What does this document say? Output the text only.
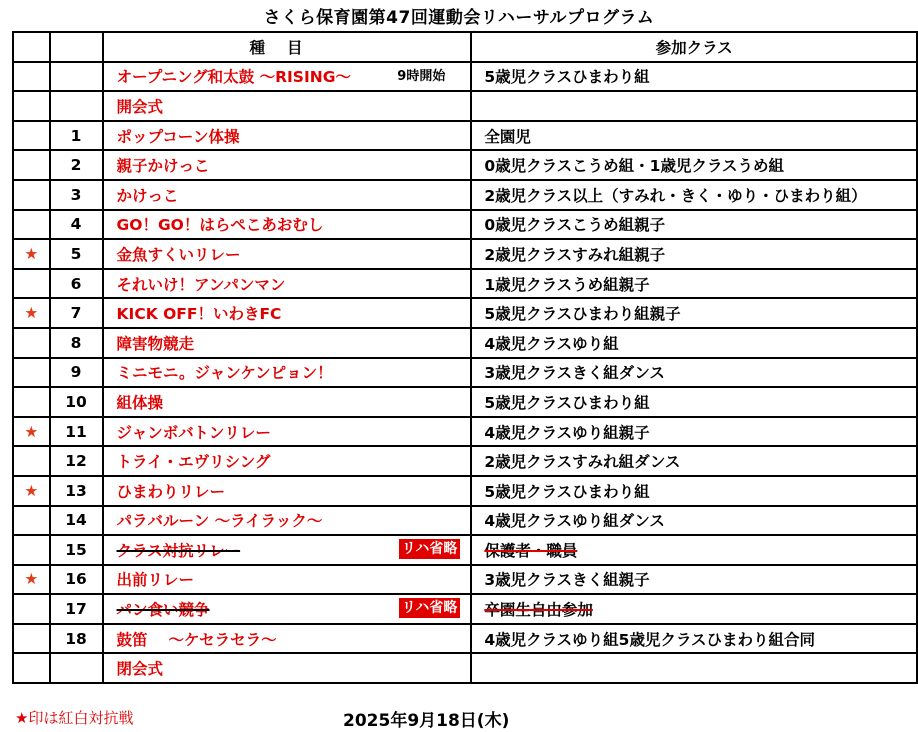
さくら保育園第47回運動会リハーサルプログラム
		種目	参加クラス
		オープニング和太鼓 ～RISING～ 9時開始	5歳児クラスひまわり組
		開会式	
	1	ポップコーン体操	全園児
	2	親子かけっこ	0歳児クラスこうめ組・1歳児クラスうめ組
	3	かけっこ	2歳児クラス以上（すみれ・きく・ゆり・ひまわり組）
	4	GO！GO！はらぺこあおむし	0歳児クラスこうめ組親子
★	5	金魚すくいリレー	2歳児クラスすみれ組親子
	6	それいけ！アンパンマン	1歳児クラスうめ組親子
★	7	KICK OFF！いわきFC	5歳児クラスひまわり組親子
	8	障害物競走	4歳児クラスゆり組
	9	ミニモニ。ジャンケンピョン！	3歳児クラスきく組ダンス
	10	組体操	5歳児クラスひまわり組
★	11	ジャンボバトンリレー	4歳児クラスゆり組親子
	12	トライ・エヴリシング	2歳児クラスすみれ組ダンス
★	13	ひまわりリレー	5歳児クラスひまわり組
	14	パラバルーン ～ライラック～	4歳児クラスゆり組ダンス
	15	クラス対抗リレー リハ省略	保護者・職員
★	16	出前リレー	3歳児クラスきく組親子
	17	パン食い競争 リハ省略	卒園生自由参加
	18	鼓笛　 ～ケセラセラ～	4歳児クラスゆり組5歳児クラスひまわり組合同
		閉会式	
★印は紅白対抗戦	2025年9月18日(木)
